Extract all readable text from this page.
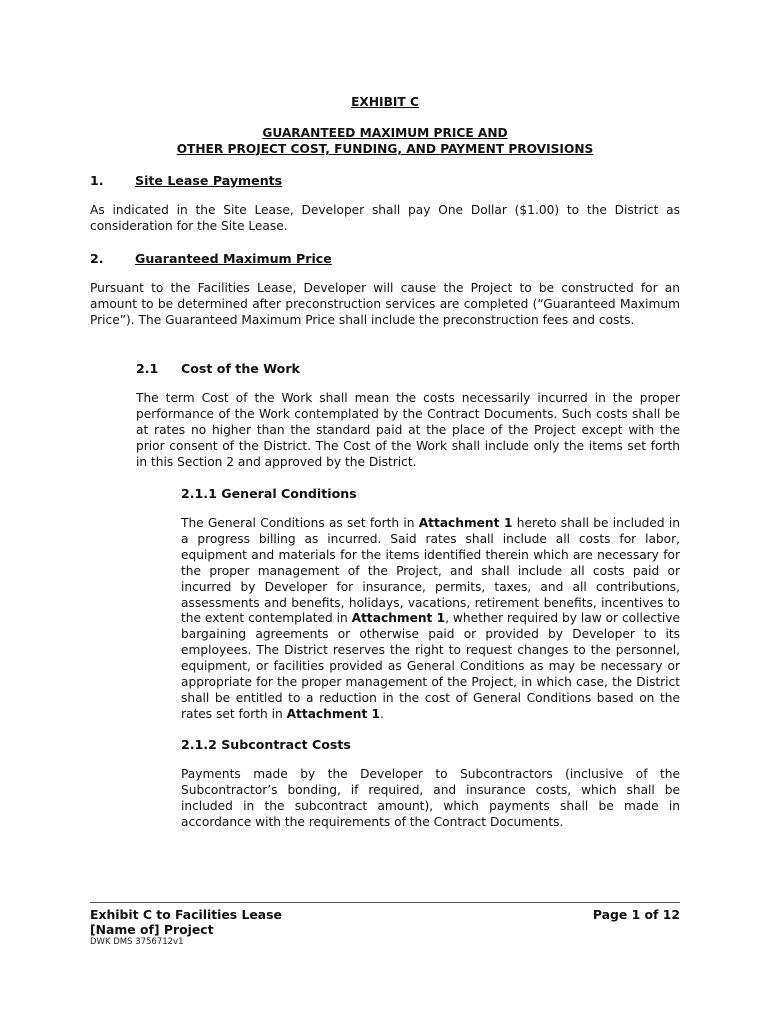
EXHIBIT C
GUARANTEED MAXIMUM PRICE AND
OTHER PROJECT COST, FUNDING, AND PAYMENT PROVISIONS
1. Site Lease Payments

As indicated in the Site Lease, Developer shall pay One Dollar ($1.00) to the District as consideration for the Site Lease.

2. Guaranteed Maximum Price

Pursuant to the Facilities Lease, Developer will cause the Project to be constructed for an amount to be determined after preconstruction services are completed (“Guaranteed Maximum Price”). The Guaranteed Maximum Price shall include the preconstruction fees and costs.

2.1 Cost of the Work

The term Cost of the Work shall mean the costs necessarily incurred in the proper performance of the Work contemplated by the Contract Documents. Such costs shall be at rates no higher than the standard paid at the place of the Project except with the prior consent of the District. The Cost of the Work shall include only the items set forth in this Section 2 and approved by the District.

2.1.1 General Conditions

The General Conditions as set forth in Attachment 1 hereto shall be included in a progress billing as incurred. Said rates shall include all costs for labor, equipment and materials for the items identified therein which are necessary for the proper management of the Project, and shall include all costs paid or incurred by Developer for insurance, permits, taxes, and all contributions, assessments and benefits, holidays, vacations, retirement benefits, incentives to the extent contemplated in Attachment 1, whether required by law or collective bargaining agreements or otherwise paid or provided by Developer to its employees. The District reserves the right to request changes to the personnel, equipment, or facilities provided as General Conditions as may be necessary or appropriate for the proper management of the Project, in which case, the District shall be entitled to a reduction in the cost of General Conditions based on the rates set forth in Attachment 1.

2.1.2 Subcontract Costs

Payments made by the Developer to Subcontractors (inclusive of the Subcontractor’s bonding, if required, and insurance costs, which shall be included in the subcontract amount), which payments shall be made in accordance with the requirements of the Contract Documents.

Exhibit C to Facilities Lease
[Name of] Project
Page 1 of 12
DWK DMS 3756712v1
